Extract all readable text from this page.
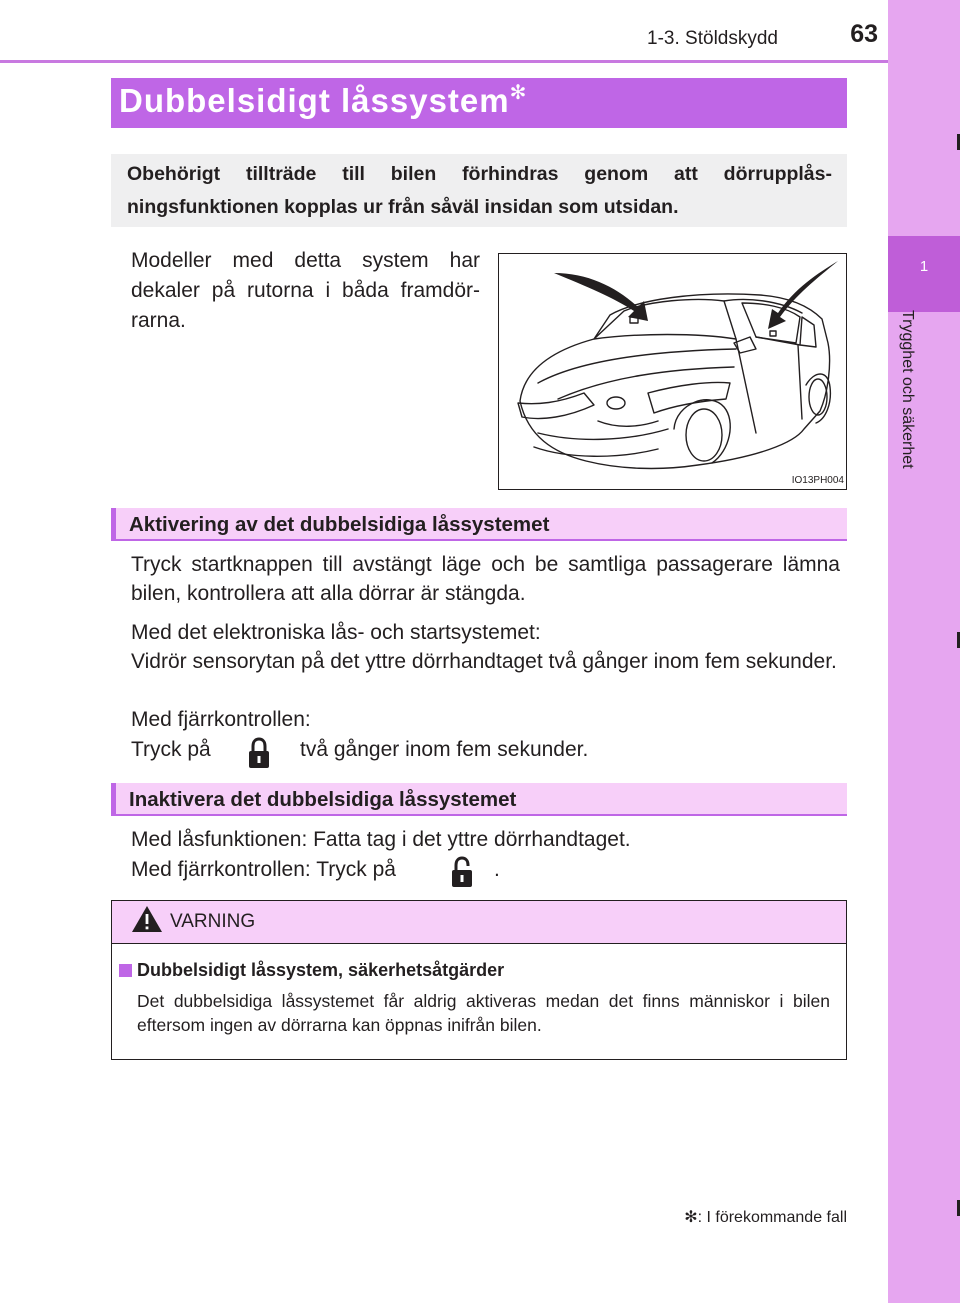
1-3. Stöldskydd	63
1
Trygghet och säkerhet
Dubbelsidigt låssystem✻
Obehörigt tillträde till bilen förhindras genom att dörrupplås-ningsfunktionen kopplas ur från såväl insidan som utsidan.
Modeller med detta system har dekaler på rutorna i båda framdör-rarna.
IO13PH004
Aktivering av det dubbelsidiga låssystemet
Tryck startknappen till avstängt läge och be samtliga passagerare lämna bilen, kontrollera att alla dörrar är stängda.
Med det elektroniska lås- och startsystemet:
Vidrör sensorytan på det yttre dörrhandtaget två gånger inom fem sekunder.
Med fjärrkontrollen:
Tryck på	två gånger inom fem sekunder.
Inaktivera det dubbelsidiga låssystemet
Med låsfunktionen: Fatta tag i det yttre dörrhandtaget.
Med fjärrkontrollen: Tryck på	.
VARNING
Dubbelsidigt låssystem, säkerhetsåtgärder
Det dubbelsidiga låssystemet får aldrig aktiveras medan det finns människor i bilen eftersom ingen av dörrarna kan öppnas inifrån bilen.
✻: I förekommande fall
